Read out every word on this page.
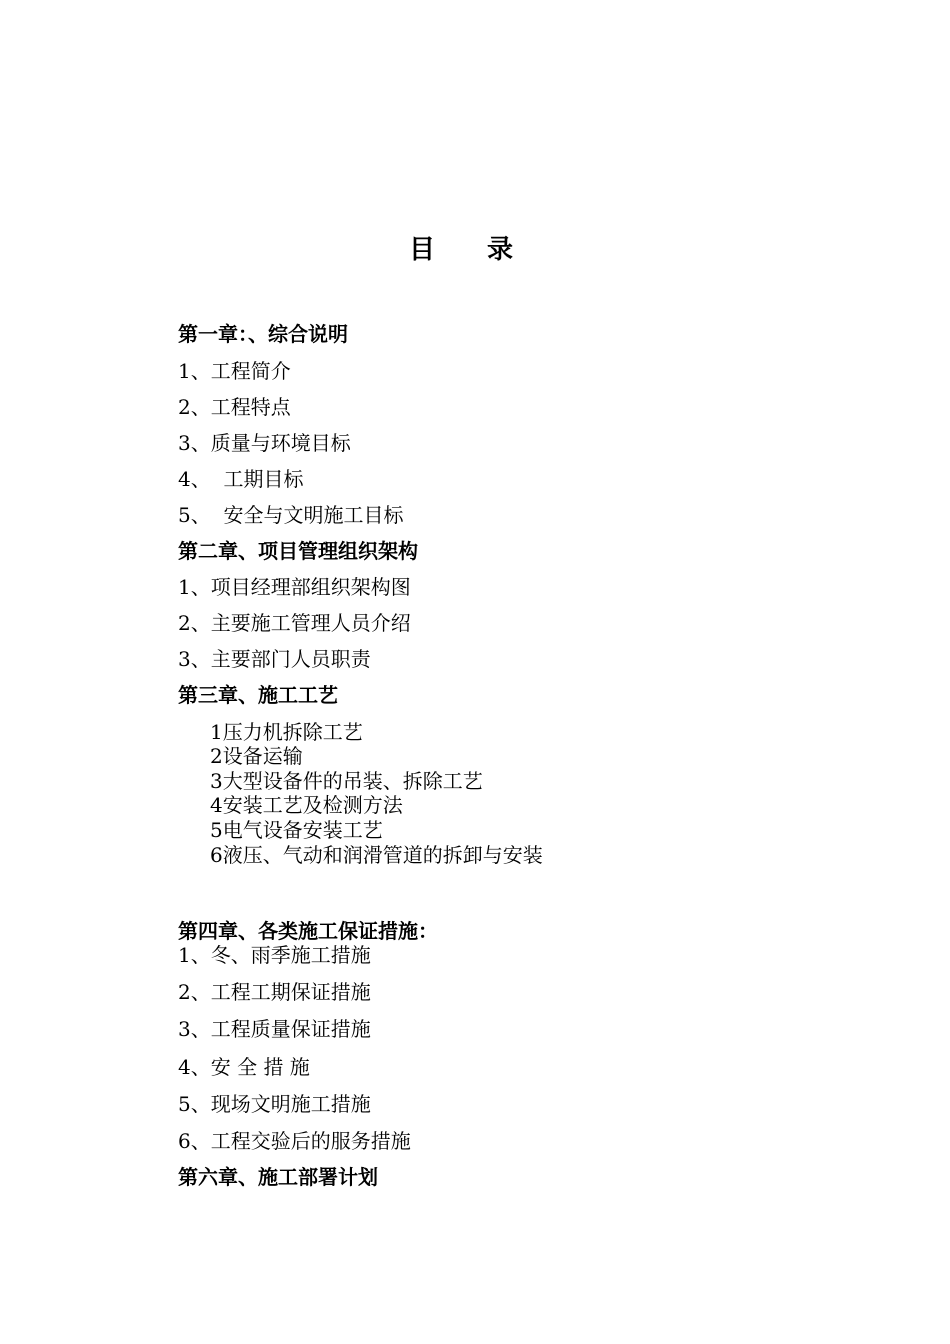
目录
第一章：、综合说明
1、工程简介
2、工程特点
3、质量与环境目标
4、  工期目标
5、  安全与文明施工目标
第二章、项目管理组织架构
1、项目经理部组织架构图
2、主要施工管理人员介绍
3、主要部门人员职责
第三章、施工工艺
1压力机拆除工艺
2设备运输
3大型设备件的吊装、拆除工艺
4安装工艺及检测方法
5电气设备安装工艺
6液压、气动和润滑管道的拆卸与安装
第四章、各类施工保证措施：
1、冬、雨季施工措施
2、工程工期保证措施
3、工程质量保证措施
4、安 全 措 施
5、现场文明施工措施
6、工程交验后的服务措施
第六章、施工部署计划
